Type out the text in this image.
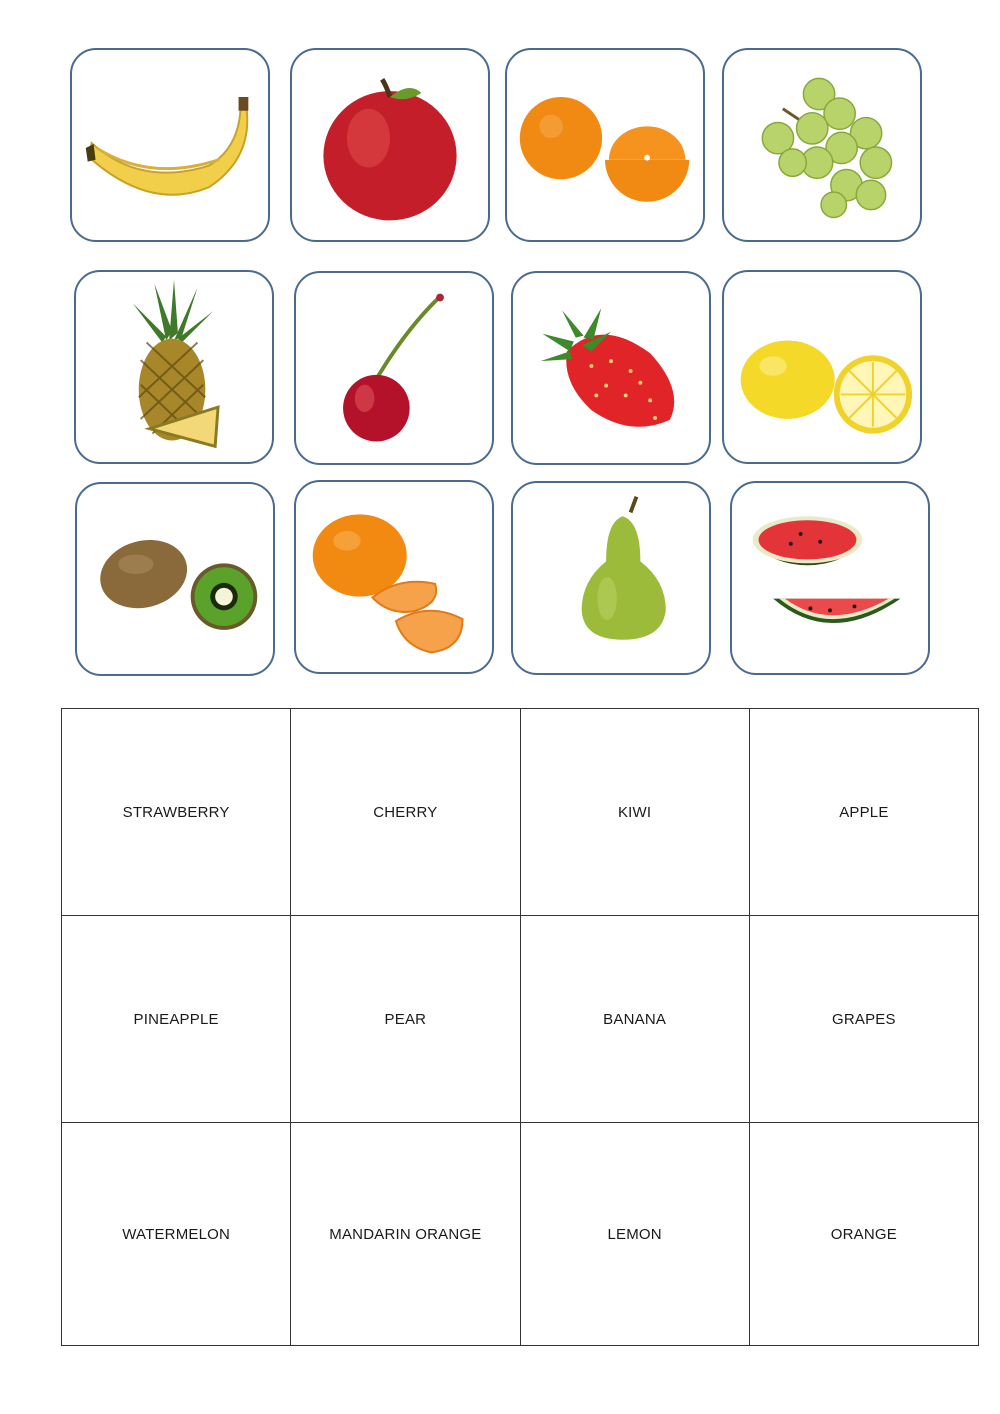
STRAWBERRY	CHERRY	KIWI	APPLE
PINEAPPLE	PEAR	BANANA	GRAPES
WATERMELON	MANDARIN ORANGE	LEMON	ORANGE
